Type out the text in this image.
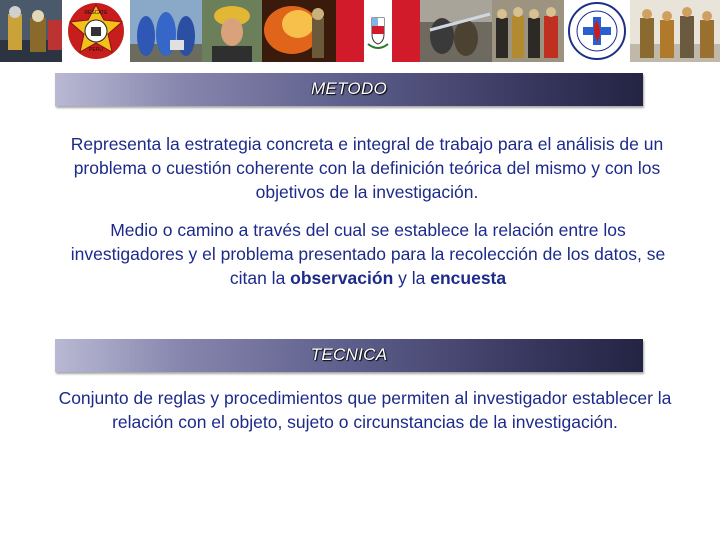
RESCATE
PERU
METODO

Representa la estrategia concreta e integral de trabajo para el análisis de un problema o cuestión coherente con la definición teórica del mismo y con los objetivos de la investigación.

Medio o camino a través del cual se establece la relación entre los investigadores y el problema presentado para la recolección de los datos, se citan la observación y la encuesta

TECNICA

Conjunto de reglas y procedimientos que permiten al investigador establecer la relación con el objeto, sujeto o circunstancias de la investigación.
